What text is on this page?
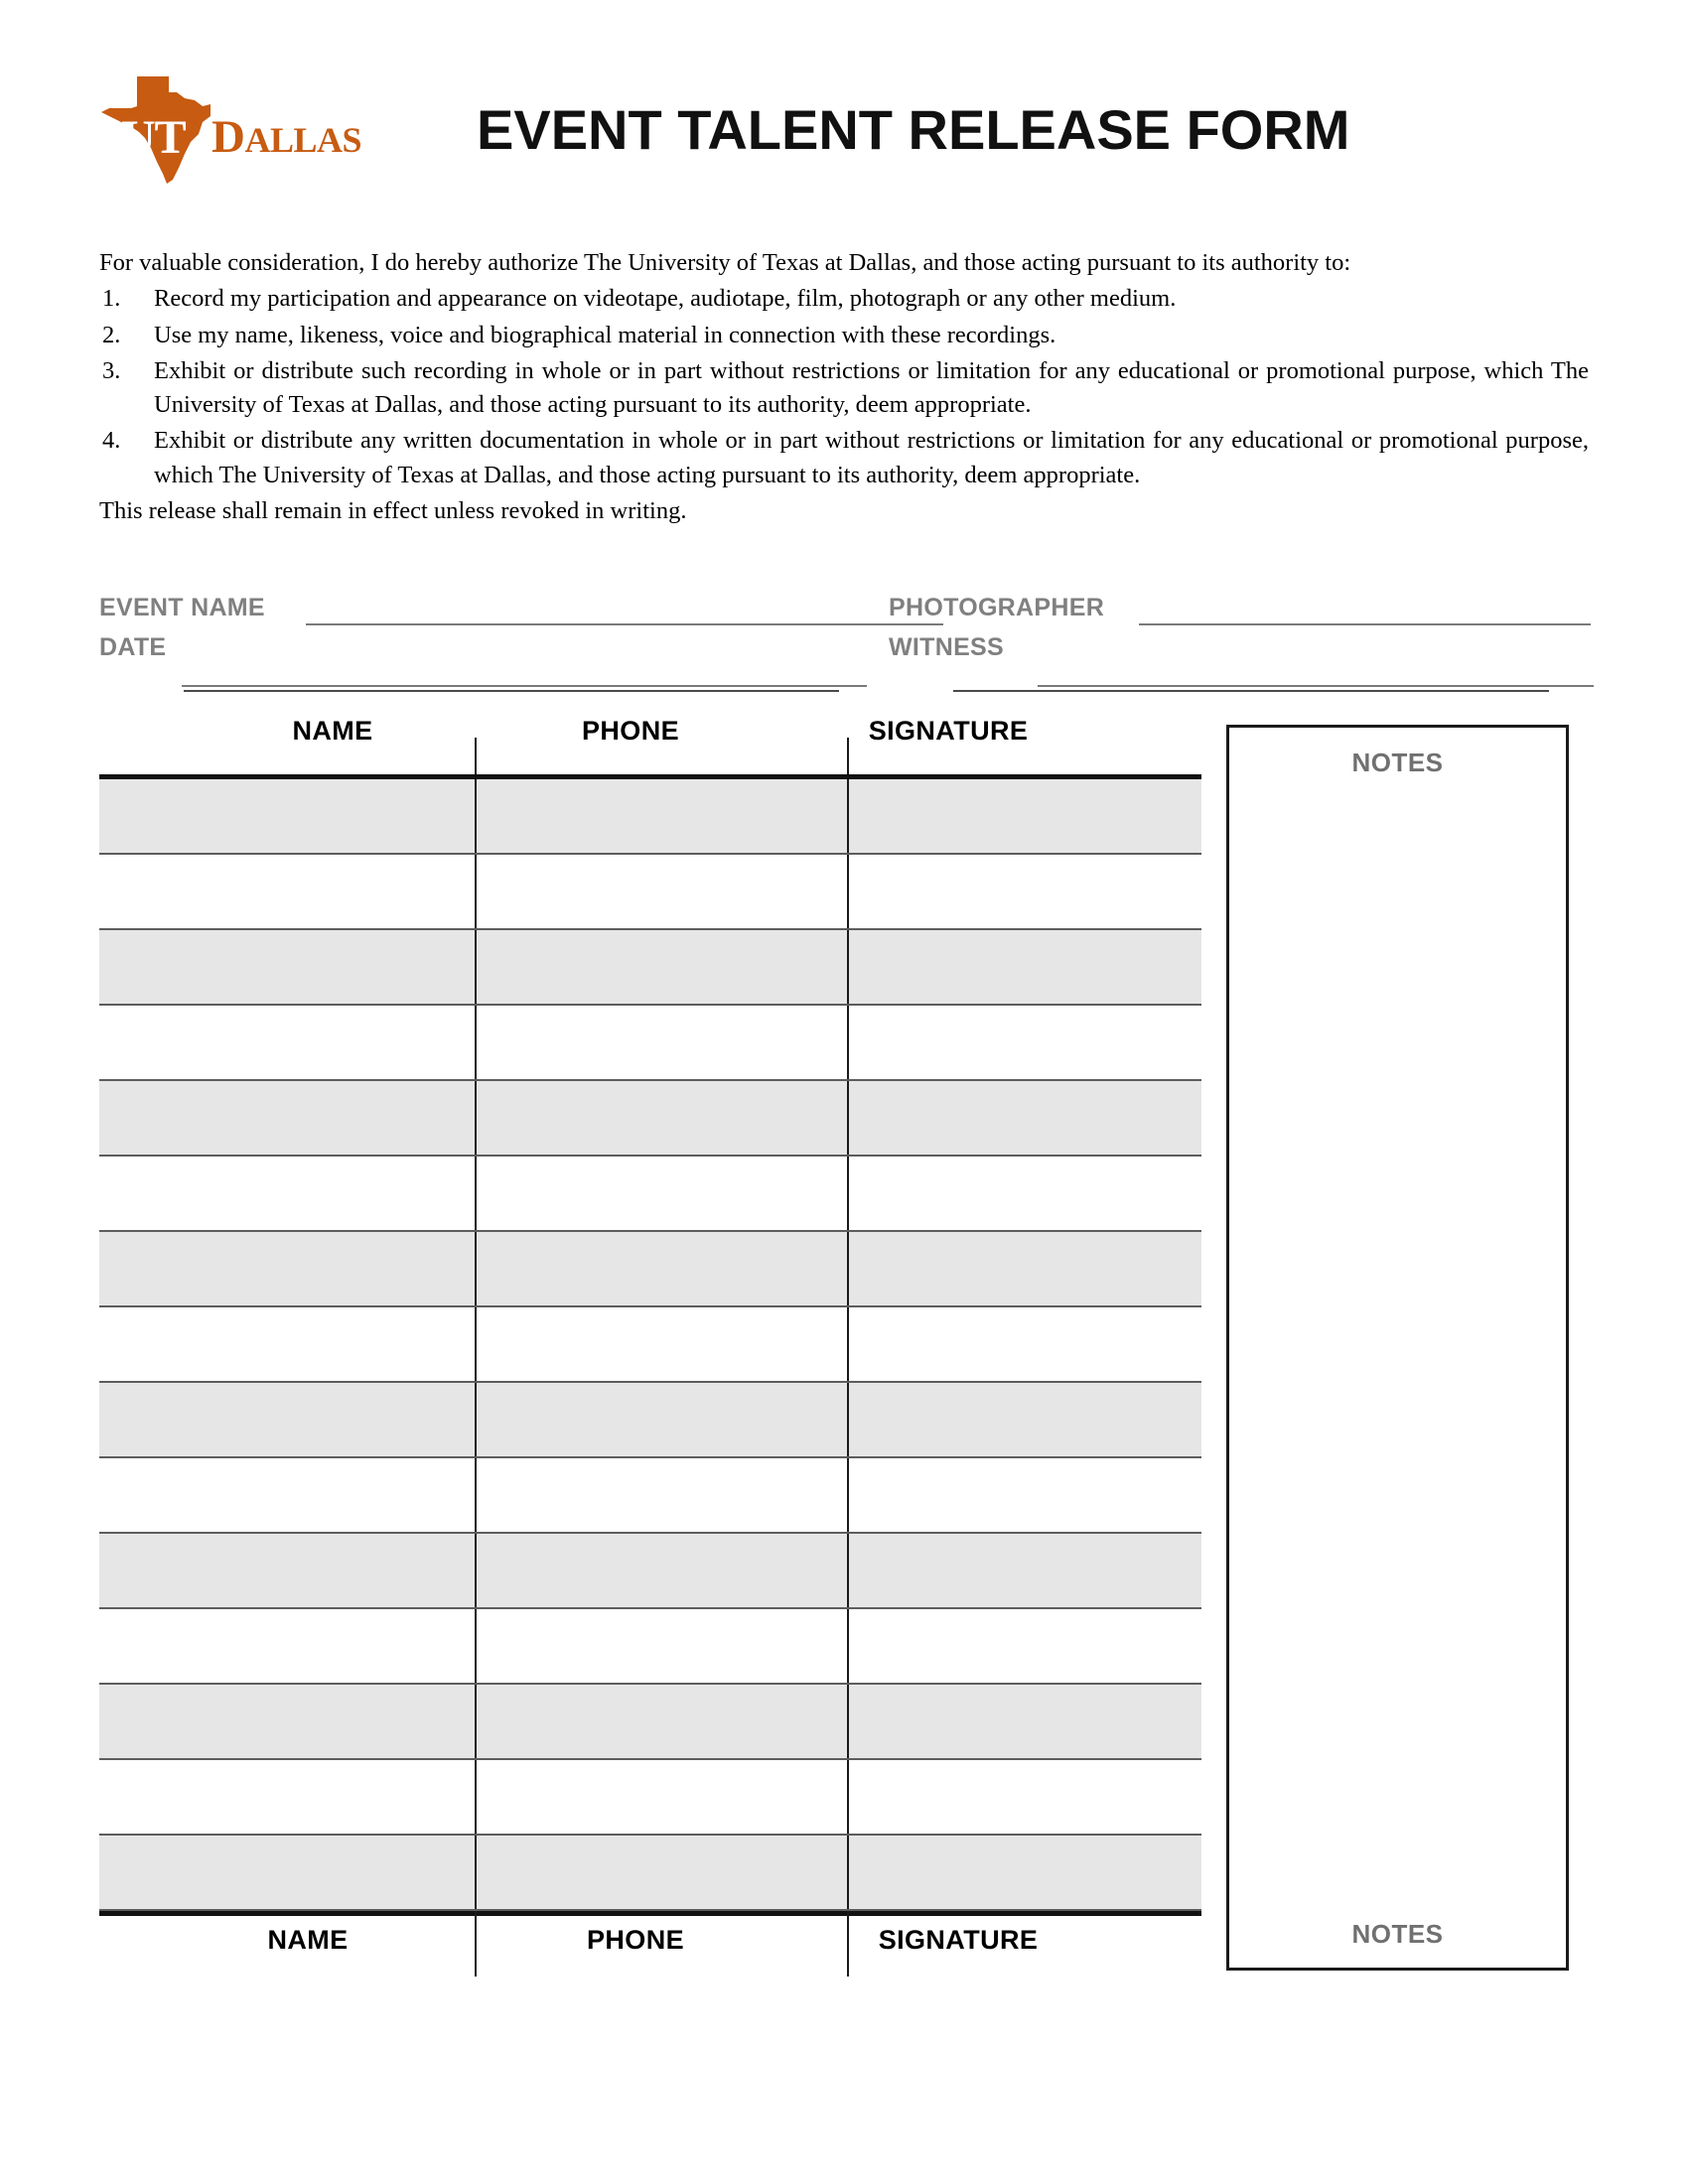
UT DALLAS EVENT TALENT RELEASE FORM

For valuable consideration, I do hereby authorize The University of Texas at Dallas, and those acting pursuant to its authority to:

1.	Record my participation and appearance on videotape, audiotape, film, photograph or any other medium.
2.	Use my name, likeness, voice and biographical material in connection with these recordings.
3.	Exhibit or distribute such recording in whole or in part without restrictions or limitation for any educational or promotional purpose, which The University of Texas at Dallas, and those acting pursuant to its authority, deem appropriate.
4.	Exhibit or distribute any written documentation in whole or in part without restrictions or limitation for any educational or promotional purpose, which The University of Texas at Dallas, and those acting pursuant to its authority, deem appropriate.

This release shall remain in effect unless revoked in writing.

EVENT NAME	PHOTOGRAPHER
DATE	WITNESS
NAME	PHONE	SIGNATURE
NAME	PHONE	SIGNATURE
NOTES
NOTES
